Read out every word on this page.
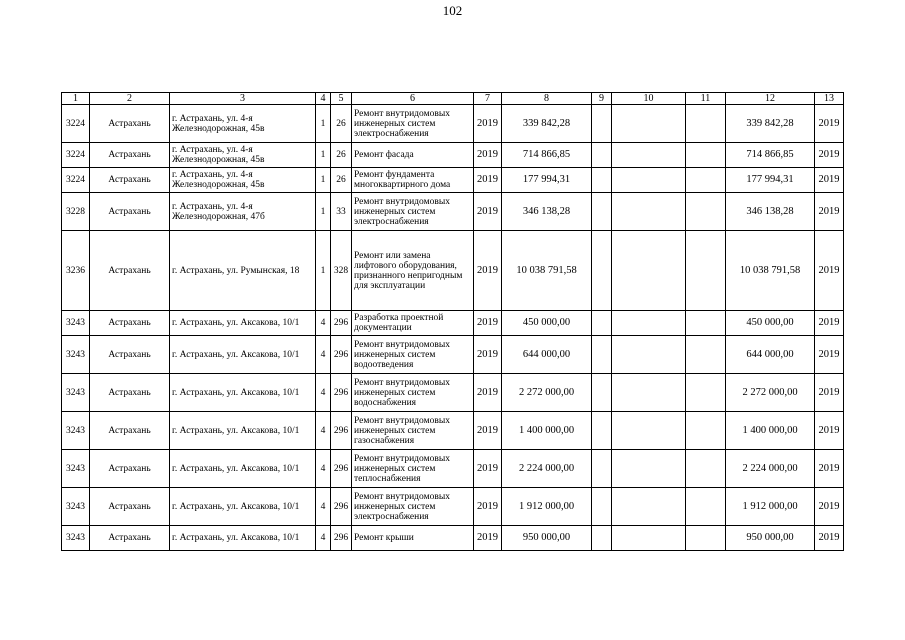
102
1	2	3	4	5	6	7	8	9	10	11	12	13
3224	Астрахань	г. Астрахань, ул. 4-я Железнодорожная, 45в	1	26	Ремонт внутридомовых инженерных систем электроснабжения	2019	339 842,28				339 842,28	2019
3224	Астрахань	г. Астрахань, ул. 4-я Железнодорожная, 45в	1	26	Ремонт фасада	2019	714 866,85				714 866,85	2019
3224	Астрахань	г. Астрахань, ул. 4-я Железнодорожная, 45в	1	26	Ремонт фундамента многоквартирного дома	2019	177 994,31				177 994,31	2019
3228	Астрахань	г. Астрахань, ул. 4-я Железнодорожная, 47б	1	33	Ремонт внутридомовых инженерных систем электроснабжения	2019	346 138,28				346 138,28	2019
3236	Астрахань	г. Астрахань, ул. Румынская, 18	1	328	Ремонт или замена лифтового оборудования, признанного непригодным для эксплуатации	2019	10 038 791,58				10 038 791,58	2019
3243	Астрахань	г. Астрахань, ул. Аксакова, 10/1	4	296	Разработка проектной документации	2019	450 000,00				450 000,00	2019
3243	Астрахань	г. Астрахань, ул. Аксакова, 10/1	4	296	Ремонт внутридомовых инженерных систем водоотведения	2019	644 000,00				644 000,00	2019
3243	Астрахань	г. Астрахань, ул. Аксакова, 10/1	4	296	Ремонт внутридомовых инженерных систем водоснабжения	2019	2 272 000,00				2 272 000,00	2019
3243	Астрахань	г. Астрахань, ул. Аксакова, 10/1	4	296	Ремонт внутридомовых инженерных систем газоснабжения	2019	1 400 000,00				1 400 000,00	2019
3243	Астрахань	г. Астрахань, ул. Аксакова, 10/1	4	296	Ремонт внутридомовых инженерных систем теплоснабжения	2019	2 224 000,00				2 224 000,00	2019
3243	Астрахань	г. Астрахань, ул. Аксакова, 10/1	4	296	Ремонт внутридомовых инженерных систем электроснабжения	2019	1 912 000,00				1 912 000,00	2019
3243	Астрахань	г. Астрахань, ул. Аксакова, 10/1	4	296	Ремонт крыши	2019	950 000,00				950 000,00	2019
